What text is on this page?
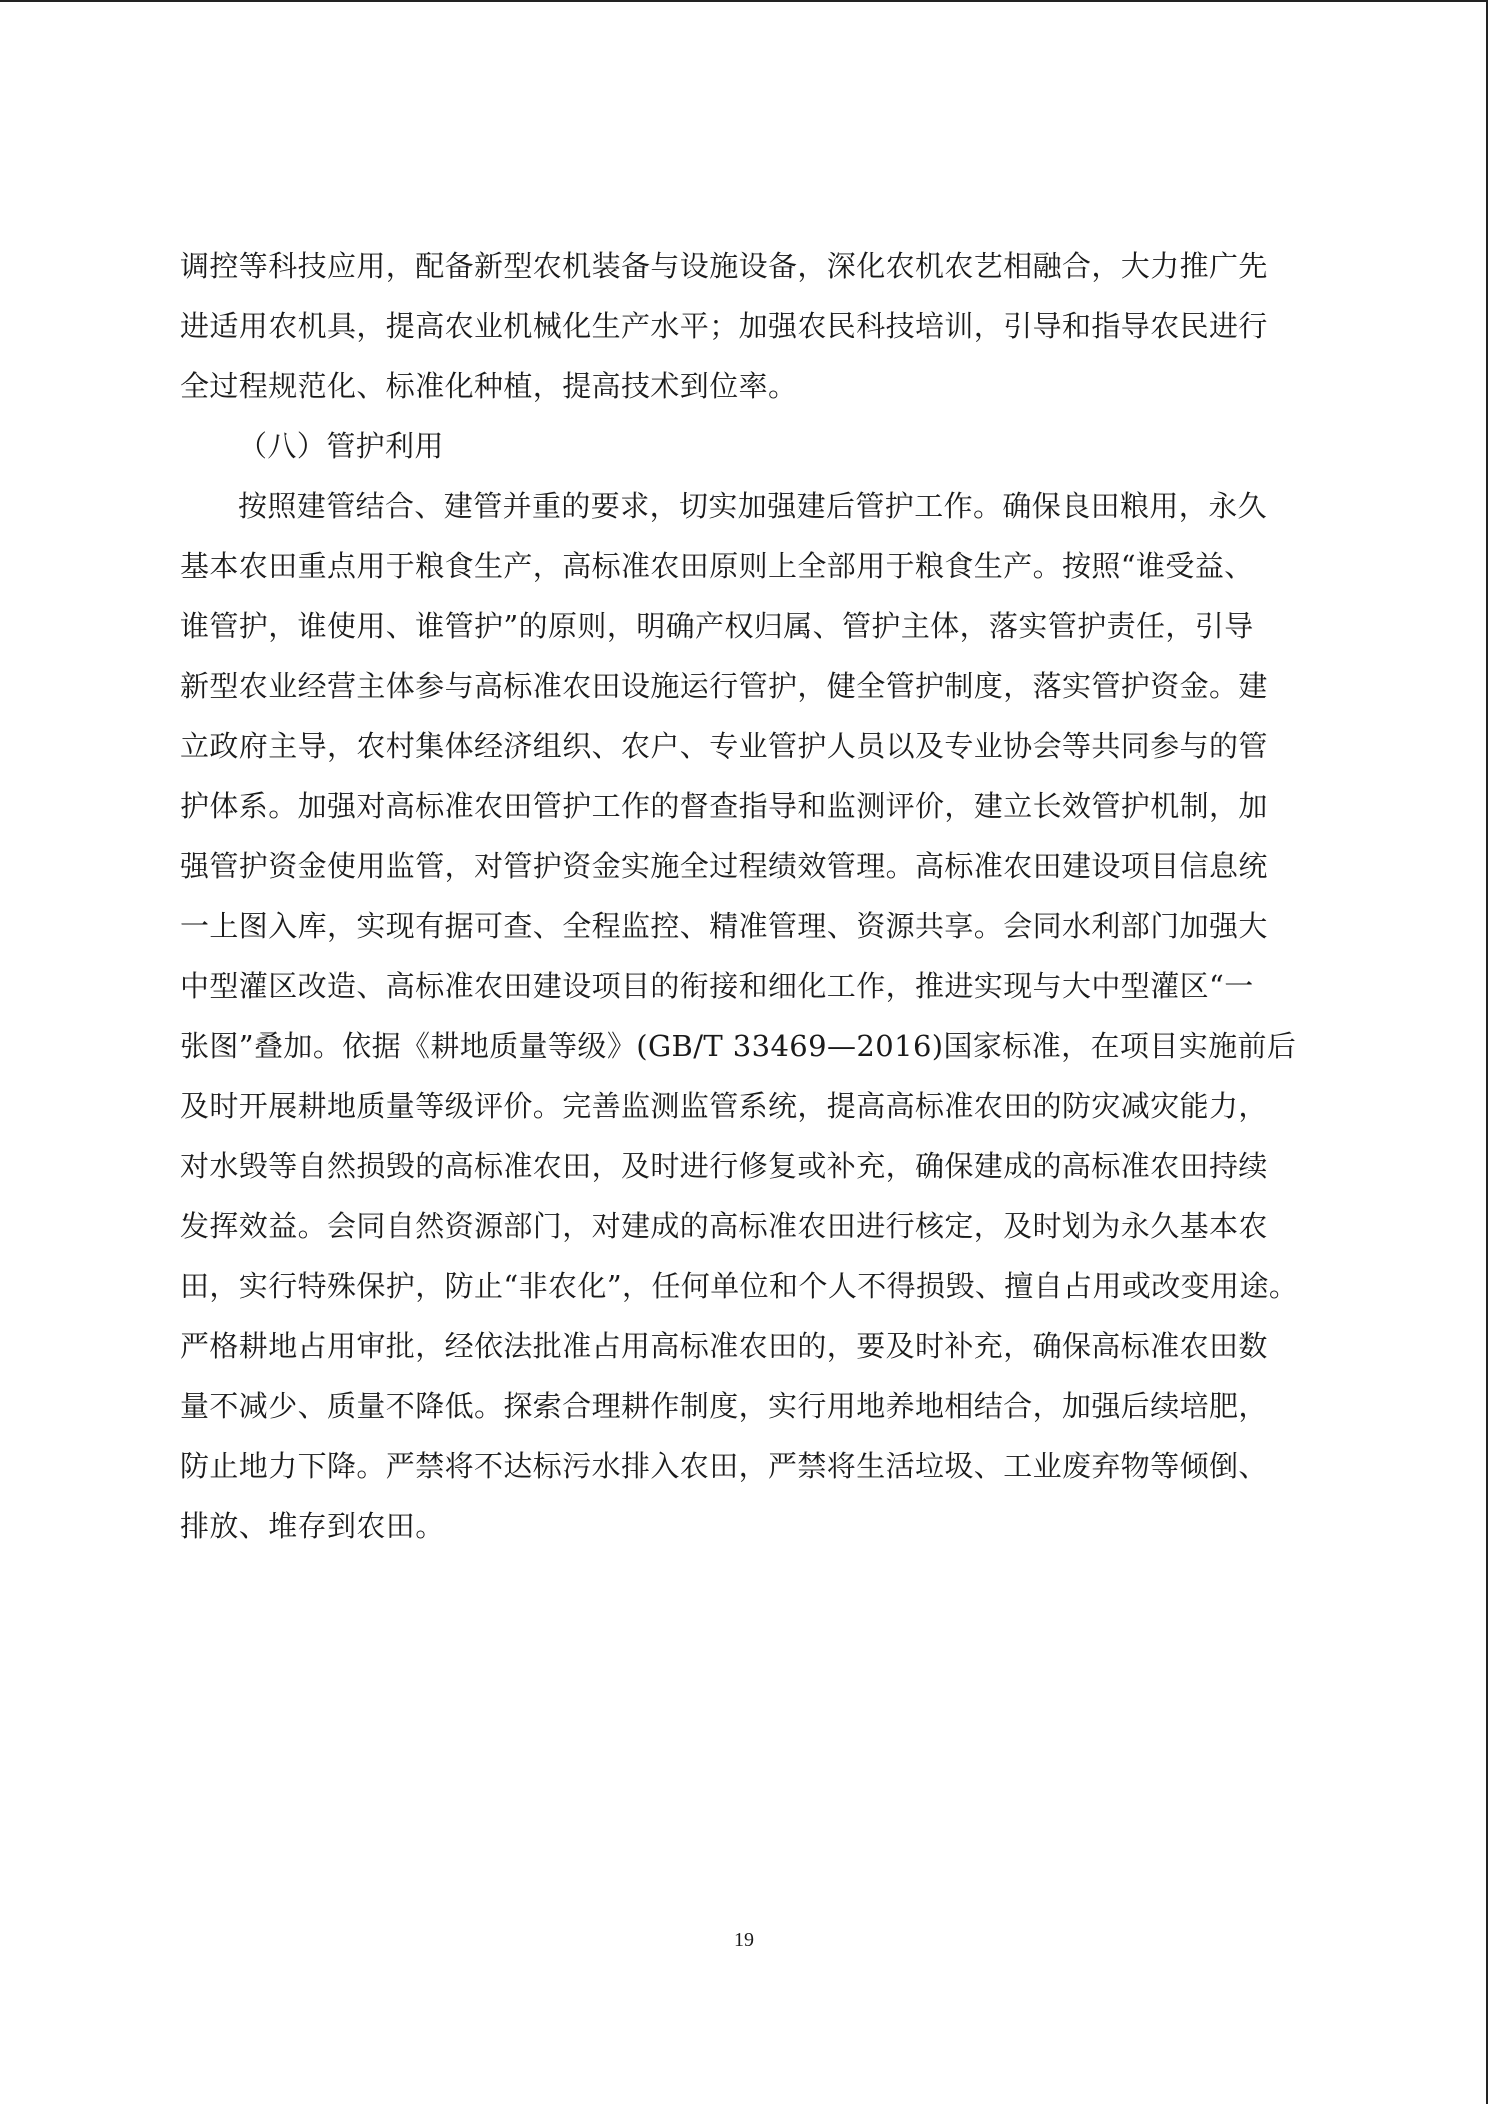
调控等科技应用，配备新型农机装备与设施设备，深化农机农艺相融合，大力推广先
进适用农机具，提高农业机械化生产水平；加强农民科技培训，引导和指导农民进行
全过程规范化、标准化种植，提高技术到位率。
（八）管护利用
按照建管结合、建管并重的要求，切实加强建后管护工作。确保良田粮用，永久
基本农田重点用于粮食生产，高标准农田原则上全部用于粮食生产。按照“谁受益、
谁管护，谁使用、谁管护”的原则，明确产权归属、管护主体，落实管护责任，引导
新型农业经营主体参与高标准农田设施运行管护，健全管护制度，落实管护资金。建
立政府主导，农村集体经济组织、农户、专业管护人员以及专业协会等共同参与的管
护体系。加强对高标准农田管护工作的督查指导和监测评价，建立长效管护机制，加
强管护资金使用监管，对管护资金实施全过程绩效管理。高标准农田建设项目信息统
一上图入库，实现有据可查、全程监控、精准管理、资源共享。会同水利部门加强大
中型灌区改造、高标准农田建设项目的衔接和细化工作，推进实现与大中型灌区“一
张图”叠加。依据《耕地质量等级》(GB/T 33469—2016)国家标准，在项目实施前后
及时开展耕地质量等级评价。完善监测监管系统，提高高标准农田的防灾减灾能力，
对水毁等自然损毁的高标准农田，及时进行修复或补充，确保建成的高标准农田持续
发挥效益。会同自然资源部门，对建成的高标准农田进行核定，及时划为永久基本农
田，实行特殊保护，防止“非农化”，任何单位和个人不得损毁、擅自占用或改变用途。
严格耕地占用审批，经依法批准占用高标准农田的，要及时补充，确保高标准农田数
量不减少、质量不降低。探索合理耕作制度，实行用地养地相结合，加强后续培肥，
防止地力下降。严禁将不达标污水排入农田，严禁将生活垃圾、工业废弃物等倾倒、
排放、堆存到农田。
19
